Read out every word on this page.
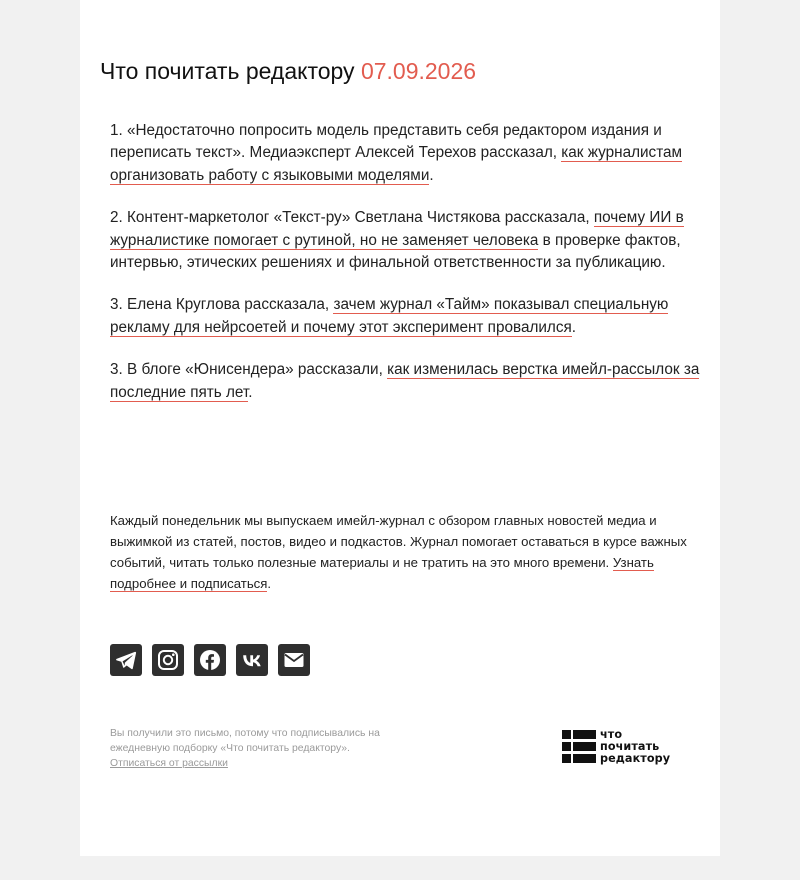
Что почитать редактору 07.09.2026

1. «Недостаточно попросить модель представить себя редактором издания и переписать текст». Медиаэксперт Алексей Терехов рассказал, как журналистам организовать работу с языковыми моделями.

2. Контент-маркетолог «Текст-ру» Светлана Чистякова рассказала, почему ИИ в журналистике помогает с рутиной, но не заменяет человека в проверке фактов, интервью, этических решениях и финальной ответственности за публикацию.

3. Елена Круглова рассказала, зачем журнал «Тайм» показывал специальную рекламу для нейрсоетей и почему этот эксперимент провалился.

3. В блоге «Юнисендера» рассказали, как изменилась верстка имейл-рассылок за последние пять лет.

Каждый понедельник мы выпускаем имейл-журнал с обзором главных новостей медиа и выжимкой из статей, постов, видео и подкастов. Журнал помогает оставаться в курсе важных событий, читать только полезные материалы и не тратить на это много времени. Узнать подробнее и подписаться.

Вы получили это письмо, потому что подписывались на ежедневную подборку «Что почитать редактору».
Отписаться от рассылки

что
почитать
редактору
